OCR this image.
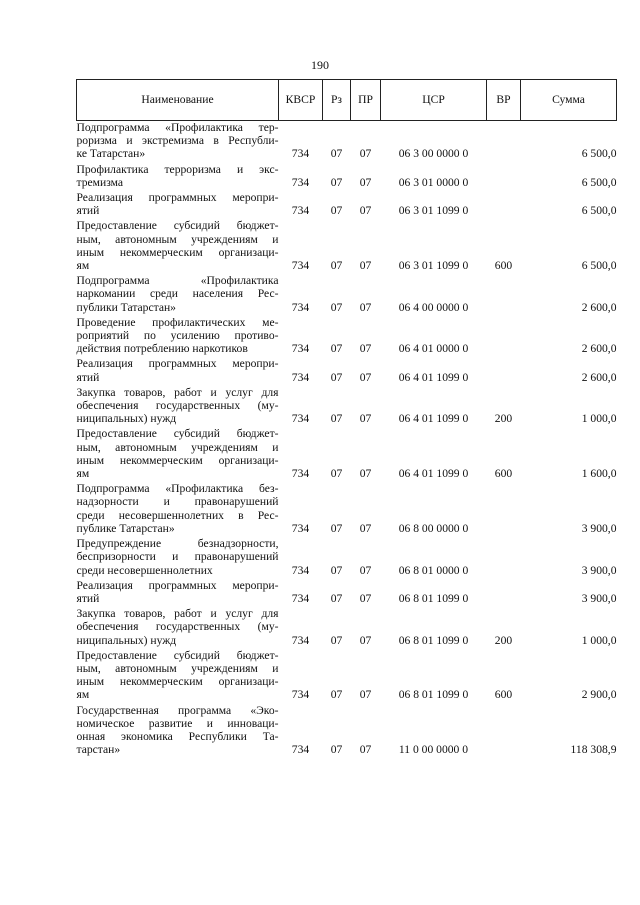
190
Наименование	КВСР	Рз	ПР	ЦСР	ВР	Сумма

Подпрограмма «Профилактика тер-
роризма и экстремизма в Республи-
ке Татарстан»	734	07	07	06 3 00 0000 0		6 500,0

Профилактика терроризма и экс-
тремизма	734	07	07	06 3 01 0000 0		6 500,0

Реализация программных меропри-
ятий	734	07	07	06 3 01 1099 0		6 500,0

Предоставление субсидий бюджет-
ным, автономным учреждениям и
иным некоммерческим организаци-
ям	734	07	07	06 3 01 1099 0	600	6 500,0

Подпрограмма «Профилактика
наркомании среди населения Рес-
публики Татарстан»	734	07	07	06 4 00 0000 0		2 600,0

Проведение профилактических ме-
роприятий по усилению противо-
действия потреблению наркотиков	734	07	07	06 4 01 0000 0		2 600,0

Реализация программных меропри-
ятий	734	07	07	06 4 01 1099 0		2 600,0

Закупка товаров, работ и услуг для
обеспечения государственных (му-
ниципальных) нужд	734	07	07	06 4 01 1099 0	200	1 000,0

Предоставление субсидий бюджет-
ным, автономным учреждениям и
иным некоммерческим организаци-
ям	734	07	07	06 4 01 1099 0	600	1 600,0

Подпрограмма «Профилактика без-
надзорности и правонарушений
среди несовершеннолетних в Рес-
публике Татарстан»	734	07	07	06 8 00 0000 0		3 900,0

Предупреждение безнадзорности,
беспризорности и правонарушений
среди несовершеннолетних	734	07	07	06 8 01 0000 0		3 900,0

Реализация программных меропри-
ятий	734	07	07	06 8 01 1099 0		3 900,0

Закупка товаров, работ и услуг для
обеспечения государственных (му-
ниципальных) нужд	734	07	07	06 8 01 1099 0	200	1 000,0

Предоставление субсидий бюджет-
ным, автономным учреждениям и
иным некоммерческим организаци-
ям	734	07	07	06 8 01 1099 0	600	2 900,0

Государственная программа «Эко-
номическое развитие и инноваци-
онная экономика Республики Та-
тарстан»	734	07	07	11 0 00 0000 0		118 308,9
